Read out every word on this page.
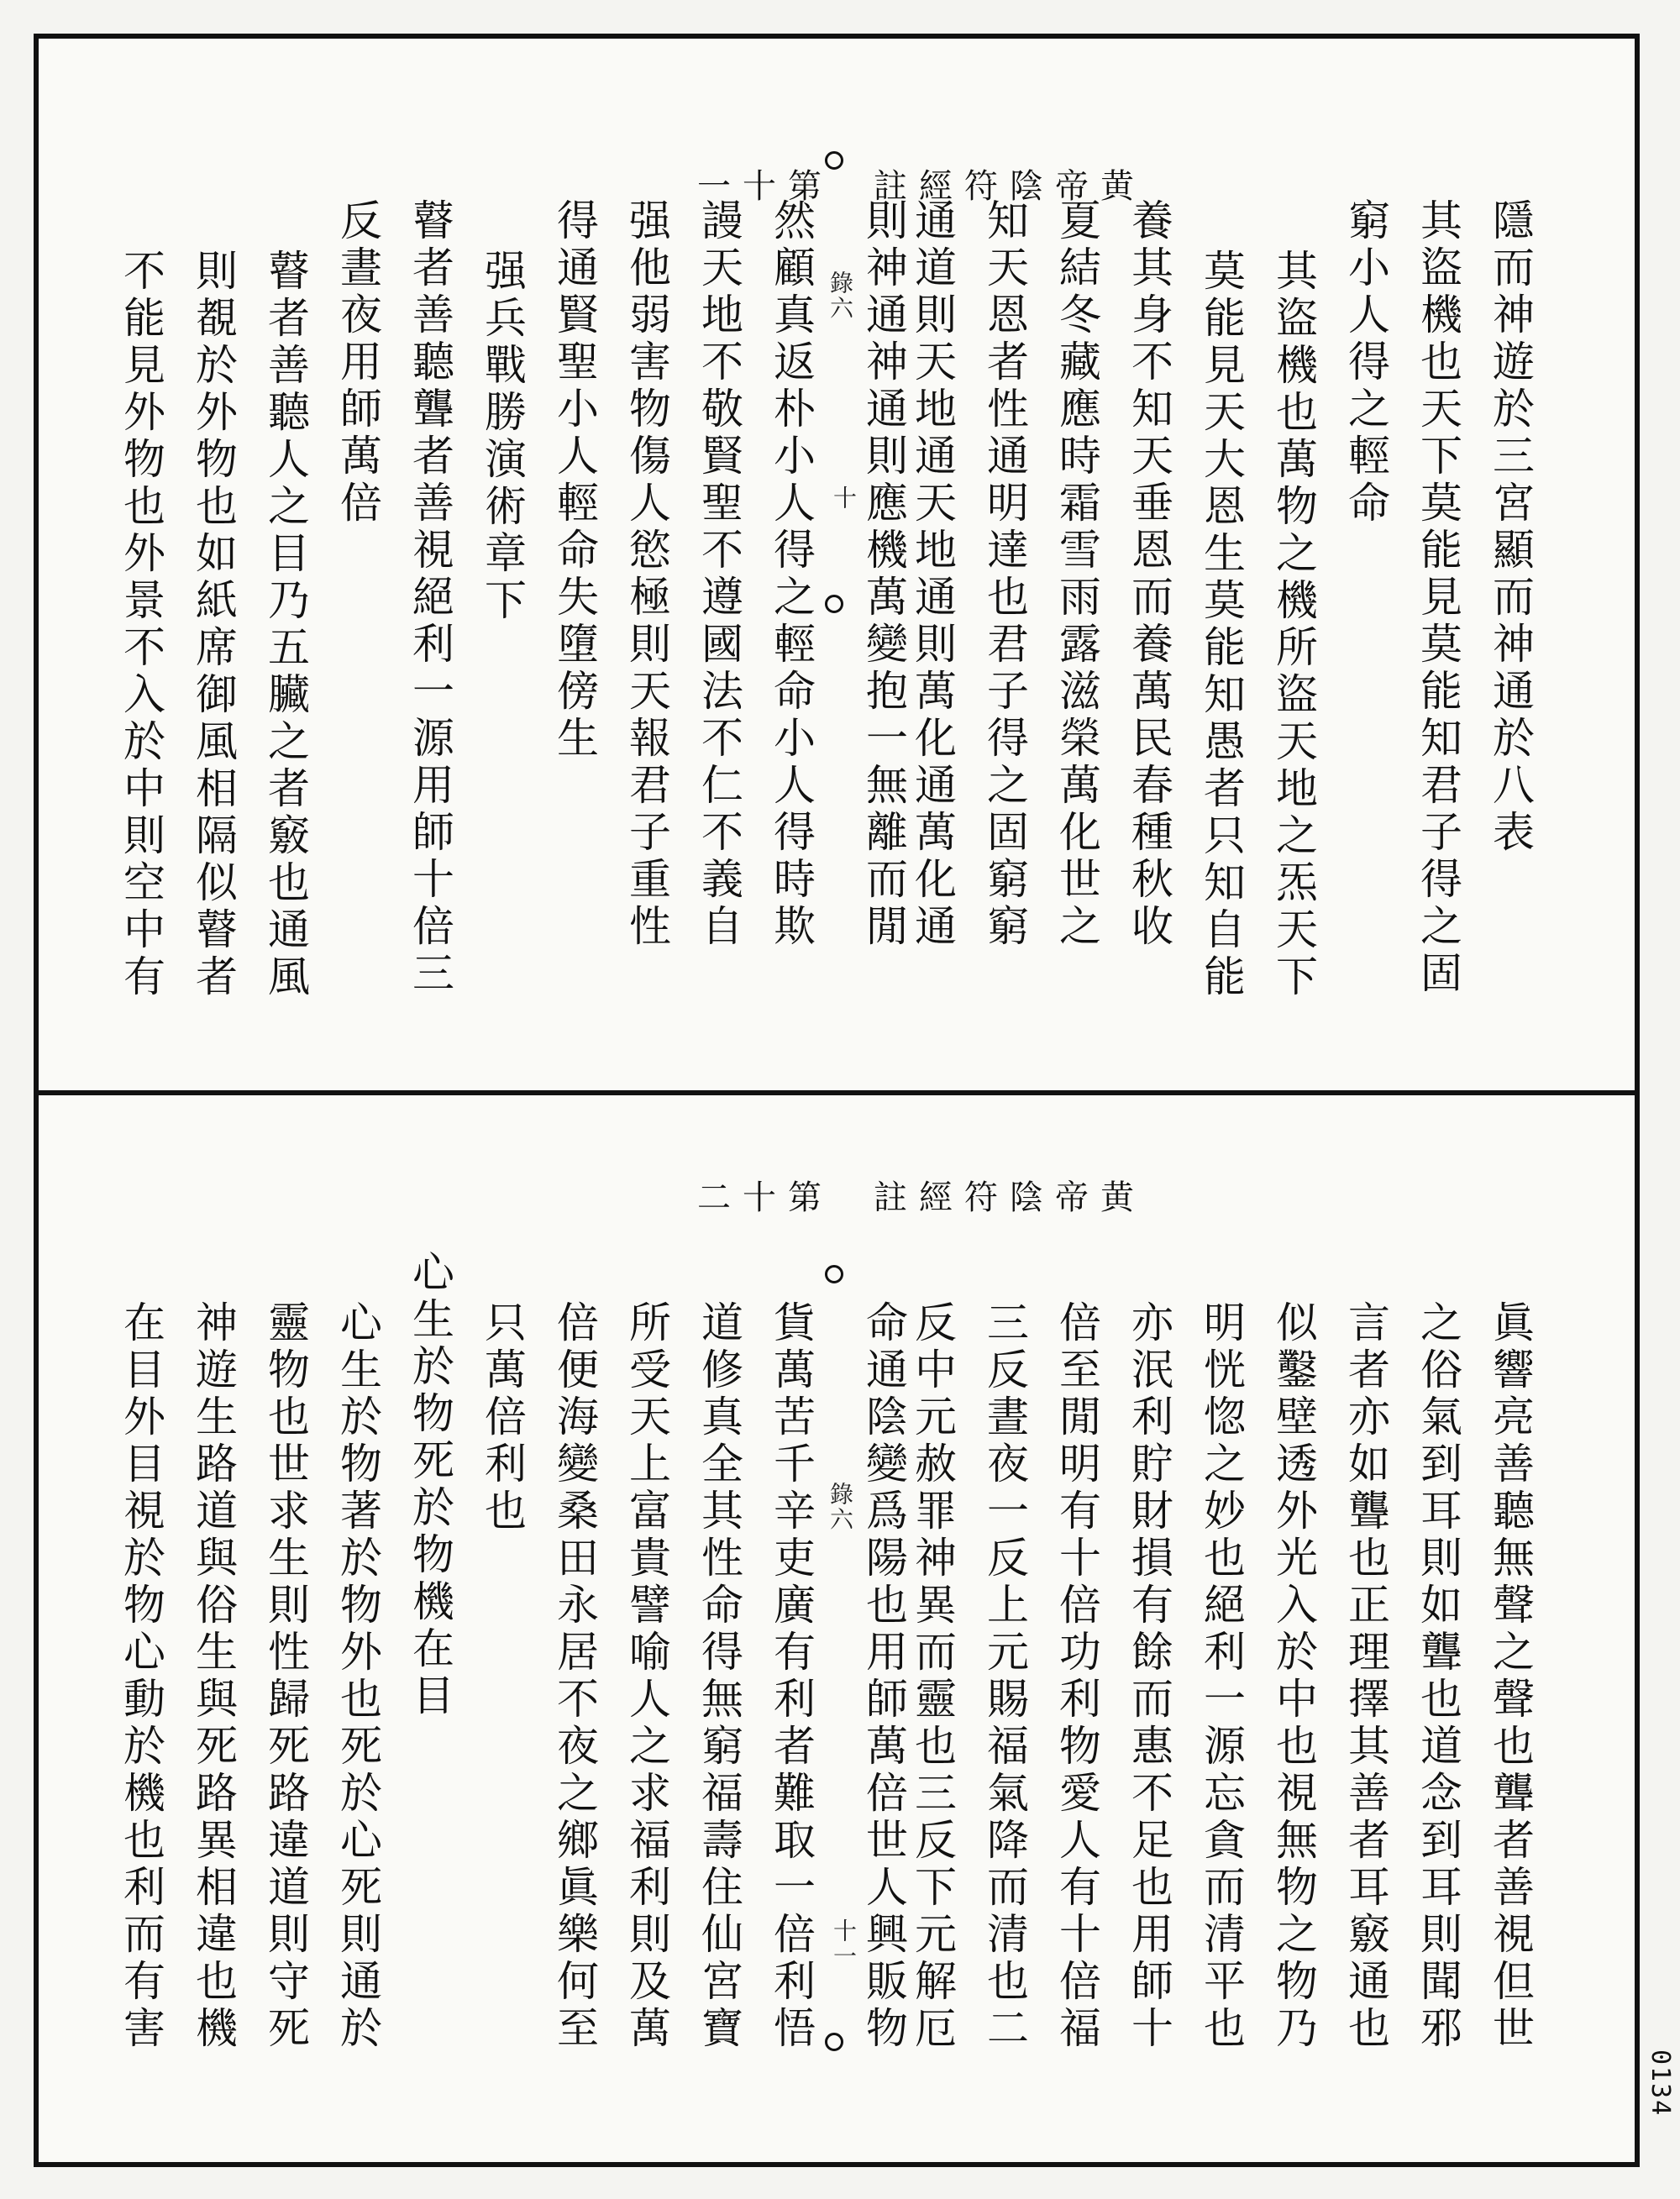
一十第 註經符陰帝黄
錄六
十	隱而神遊於三宮顯而神通於八表
其盜機也天下莫能見莫能知君子得之固
窮小人得之輕命
其盜機也萬物之機所盜天地之炁天下
莫能見天大恩生莫能知愚者只知自能
養其身不知天垂恩而養萬民春種秋收
夏結冬藏應時霜雪雨露滋榮萬化世之
知天恩者性通明達也君子得之固窮窮
通道則天地通天地通則萬化通萬化通
則神通神通則應機萬變抱一無離而閒
然顧真返朴小人得之輕命小人得時欺
謾天地不敬賢聖不遵國法不仁不義自
强他弱害物傷人慾極則天報君子重性
得通賢聖小人輕命失墮傍生
强兵戰勝演術章下
瞽者善聽聾者善視絕利一源用師十倍三
反晝夜用師萬倍
瞽者善聽人之目乃五臟之者竅也通風
則覩於外物也如紙席御風相隔似瞽者
不能見外物也外景不入於中則空中有
二十第 註經符陰帝黄
錄六
十一	眞響亮善聽無聲之聲也聾者善視但世
之俗氣到耳則如聾也道念到耳則聞邪
言者亦如聾也正理擇其善者耳竅通也
似鑿壁透外光入於中也視無物之物乃
明恍惚之妙也絕利一源忘貪而清平也
亦泯利貯財損有餘而惠不足也用師十
倍至閒明有十倍功利物愛人有十倍福
三反晝夜一反上元賜福氣降而清也二
反中元赦罪神異而靈也三反下元解厄
命通陰變爲陽也用師萬倍世人興販物
貨萬苦千辛吏廣有利者難取一倍利悟
道修真全其性命得無窮福壽住仙宮寶
所受天上富貴譬喻人之求福利則及萬
倍便海變桑田永居不夜之鄉眞樂何至
只萬倍利也
心生於物死於物機在目
心生於物著於物外也死於心死則通於
靈物也世求生則性歸死路違道則守死
神遊生路道與俗生與死路異相違也機
在目外目視於物心動於機也利而有害
0134
